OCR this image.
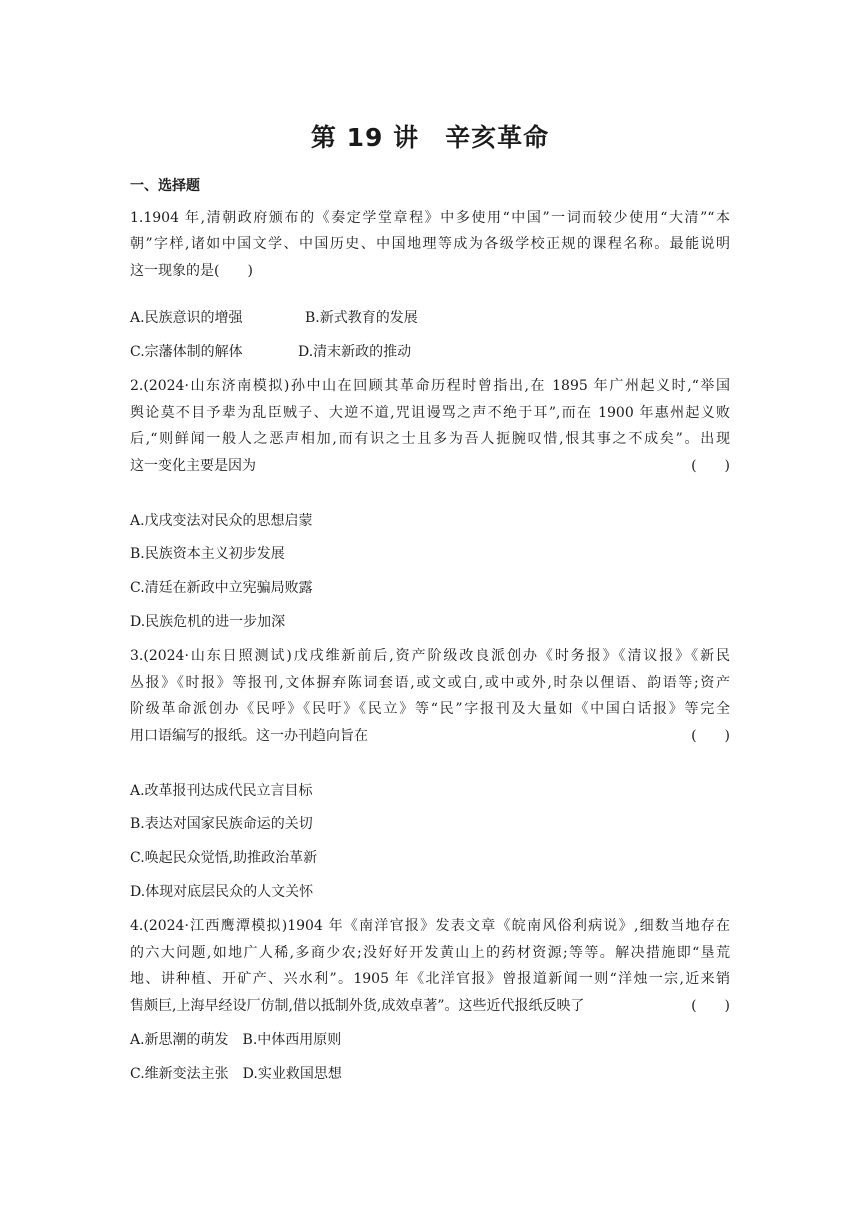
第 19 讲　辛亥革命
一、选择题
1.1904 年,清朝政府颁布的《奏定学堂章程》中多使用“中国”一词而较少使用“大清”“本
朝”字样,诸如中国文学、中国历史、中国地理等成为各级学校正规的课程名称。最能说明
这一现象的是(　　)
A.民族意识的增强	B.新式教育的发展
C.宗藩体制的解体	D.清末新政的推动
2.(2024·山东济南模拟)孙中山在回顾其革命历程时曾指出,在 1895 年广州起义时,“举国
舆论莫不目予辈为乱臣贼子、大逆不道,咒诅谩骂之声不绝于耳”,而在 1900 年惠州起义败
后,“则鲜闻一般人之恶声相加,而有识之士且多为吾人扼腕叹惜,恨其事之不成矣”。出现
这一变化主要是因为	(　　)
A.戊戌变法对民众的思想启蒙
B.民族资本主义初步发展
C.清廷在新政中立宪骗局败露
D.民族危机的进一步加深
3.(2024·山东日照测试)戊戌维新前后,资产阶级改良派创办《时务报》《清议报》《新民
丛报》《时报》等报刊,文体摒弃陈词套语,或文或白,或中或外,时杂以俚语、韵语等;资产
阶级革命派创办《民呼》《民吁》《民立》等“民”字报刊及大量如《中国白话报》等完全
用口语编写的报纸。这一办刊趋向旨在	(　　)
A.改革报刊达成代民立言目标
B.表达对国家民族命运的关切
C.唤起民众觉悟,助推政治革新
D.体现对底层民众的人文关怀
4.(2024·江西鹰潭模拟)1904 年《南洋官报》发表文章《皖南风俗利病说》,细数当地存在
的六大问题,如地广人稀,多商少农;没好好开发黄山上的药材资源;等等。解决措施即“垦荒
地、讲种植、开矿产、兴水利”。1905 年《北洋官报》曾报道新闻一则“洋烛一宗,近来销
售颇巨,上海早经设厂仿制,借以抵制外货,成效卓著”。这些近代报纸反映了	(　　)
A.新思潮的萌发　B.中体西用原则
C.维新变法主张　D.实业救国思想
